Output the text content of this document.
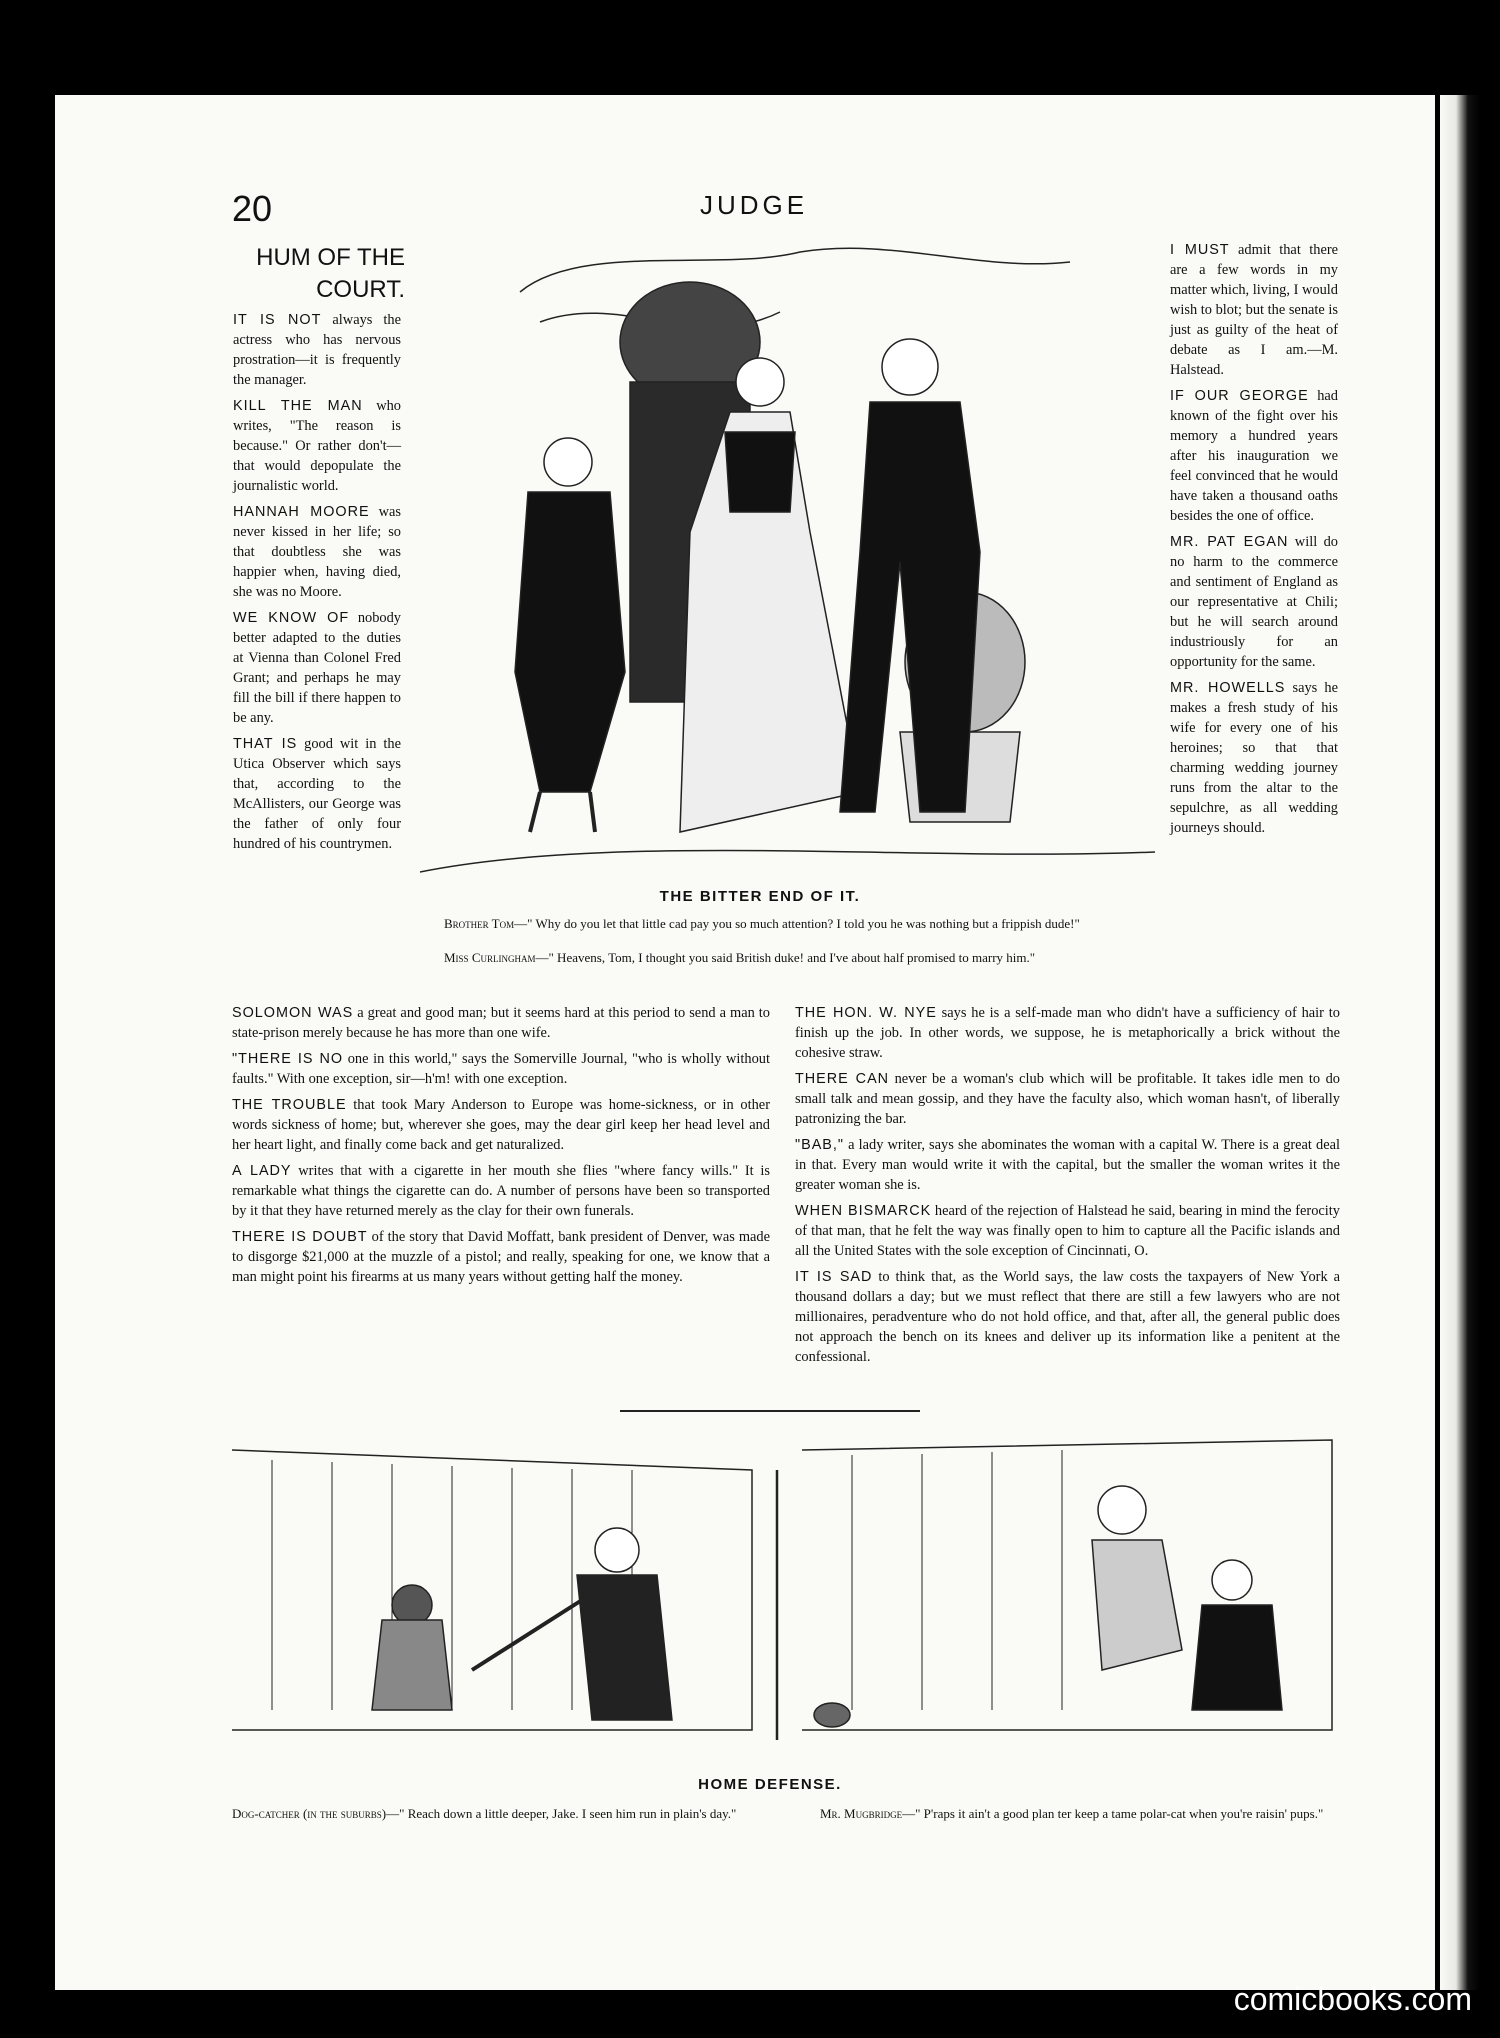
20	JUDGE
HUM OF THE COURT.

IT IS NOT always the actress who has nervous prostration—it is frequently the manager.

KILL THE MAN who writes, "The reason is because." Or rather don't—that would depopulate the journalistic world.

HANNAH MOORE was never kissed in her life; so that doubtless she was happier when, having died, she was no Moore.

WE KNOW OF nobody better adapted to the duties at Vienna than Colonel Fred Grant; and perhaps he may fill the bill if there happen to be any.

THAT IS good wit in the Utica Observer which says that, according to the McAllisters, our George was the father of only four hundred of his countrymen.

THE BITTER END OF IT.
Brother Tom—" Why do you let that little cad pay you so much attention? I told you he was nothing but a frippish dude!"
Miss Curlingham—" Heavens, Tom, I thought you said British duke! and I've about half promised to marry him."

I MUST admit that there are a few words in my matter which, living, I would wish to blot; but the senate is just as guilty of the heat of debate as I am.—M. Halstead.

IF OUR GEORGE had known of the fight over his memory a hundred years after his inauguration we feel convinced that he would have taken a thousand oaths besides the one of office.

MR. PAT EGAN will do no harm to the commerce and sentiment of England as our representative at Chili; but he will search around industriously for an opportunity for the same.

MR. HOWELLS says he makes a fresh study of his wife for every one of his heroines; so that that charming wedding journey runs from the altar to the sepulchre, as all wedding journeys should.

SOLOMON WAS a great and good man; but it seems hard at this period to send a man to state-prison merely because he has more than one wife.

"THERE IS NO one in this world," says the Somerville Journal, "who is wholly without faults." With one exception, sir—h'm! with one exception.

THE TROUBLE that took Mary Anderson to Europe was home-sickness, or in other words sickness of home; but, wherever she goes, may the dear girl keep her head level and her heart light, and finally come back and get naturalized.

A LADY writes that with a cigarette in her mouth she flies "where fancy wills." It is remarkable what things the cigarette can do. A number of persons have been so transported by it that they have returned merely as the clay for their own funerals.

THERE IS DOUBT of the story that David Moffatt, bank president of Denver, was made to disgorge $21,000 at the muzzle of a pistol; and really, speaking for one, we know that a man might point his firearms at us many years without getting half the money.

THE HON. W. NYE says he is a self-made man who didn't have a sufficiency of hair to finish up the job. In other words, we suppose, he is metaphorically a brick without the cohesive straw.

THERE CAN never be a woman's club which will be profitable. It takes idle men to do small talk and mean gossip, and they have the faculty also, which woman hasn't, of liberally patronizing the bar.

"BAB," a lady writer, says she abominates the woman with a capital W. There is a great deal in that. Every man would write it with the capital, but the smaller the woman writes it the greater woman she is.

WHEN BISMARCK heard of the rejection of Halstead he said, bearing in mind the ferocity of that man, that he felt the way was finally open to him to capture all the Pacific islands and all the United States with the sole exception of Cincinnati, O.

IT IS SAD to think that, as the World says, the law costs the taxpayers of New York a thousand dollars a day; but we must reflect that there are still a few lawyers who are not millionaires, peradventure who do not hold office, and that, after all, the general public does not approach the bench on its knees and deliver up its information like a penitent at the confessional.

HOME DEFENSE.
Dog-catcher (in the suburbs)—" Reach down a little deeper, Jake. I seen him run in plain's day."	Mr. Mugbridge—" P'raps it ain't a good plan ter keep a tame polar-cat when you're raisin' pups."
comicbooks.com
